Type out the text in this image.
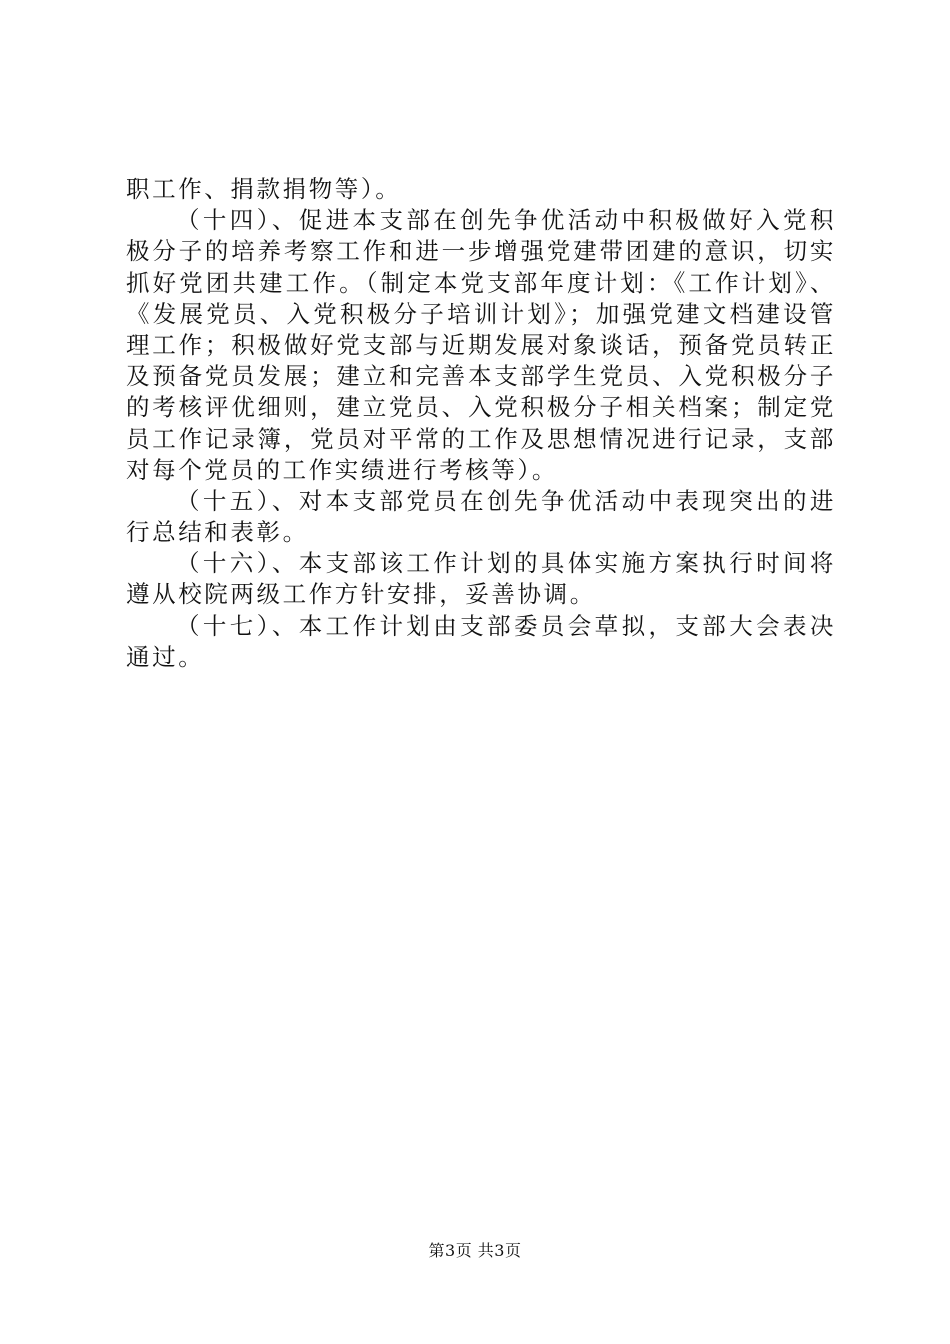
职工作、捐款捐物等）。
（十四）、促进本支部在创先争优活动中积极做好入党积
极分子的培养考察工作和进一步增强党建带团建的意识，切实
抓好党团共建工作。（制定本党支部年度计划：《工作计划》、
《发展党员、入党积极分子培训计划》；加强党建文档建设管
理工作；积极做好党支部与近期发展对象谈话，预备党员转正
及预备党员发展；建立和完善本支部学生党员、入党积极分子
的考核评优细则，建立党员、入党积极分子相关档案；制定党
员工作记录簿，党员对平常的工作及思想情况进行记录，支部
对每个党员的工作实绩进行考核等）。
（十五）、对本支部党员在创先争优活动中表现突出的进
行总结和表彰。
（十六）、本支部该工作计划的具体实施方案执行时间将
遵从校院两级工作方针安排，妥善协调。
（十七）、本工作计划由支部委员会草拟，支部大会表决
通过。
第3页 共3页
